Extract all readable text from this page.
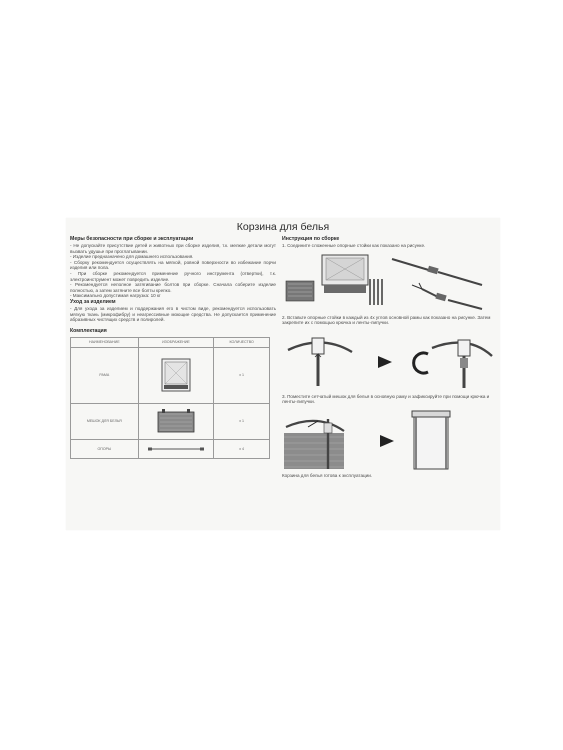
Корзина для белья
Меры безопасности при сборке и эксплуатации

- Не допускайте присутствие детей и животных при сборке изделия, т.к. мелкие детали могут вызвать удушье при проглатывании.

- Изделие предназначено для домашнего использования.

- Сборку рекомендуется осуществлять на мягкой, ровной поверхности во избежание порчи изделия или пола.

- При сборке рекомендуется применение ручного инструмента (отвертки), т.к. электроинструмент может повредить изделие.

- Рекомендуется неполное затягивание болтов при сборке. Сначала соберите изделие полностью, а затем затяните все болты крепко.

- Максимально допустимая нагрузка: 10 кг

Уход за изделием

- Для ухода за изделием и поддержания его в чистом виде, рекомендуется использовать мягкую ткань (микрофибру) и неагрессивные моющие средства. Не допускается применение абразивных чистящих средств и полиролей.

Комплектация
НАИМЕНОВАНИЕ	ИЗОБРАЖЕНИЕ	КОЛИЧЕСТВО
РАМА		х 1
МЕШОК ДЛЯ БЕЛЬЯ		х 1
ОПОРЫ		х 4
Инструкция по сборке

1. Соедините сложенные опорные стойки как показано на рисунке.

2. Вставьте опорные стойки в каждый из 4х углов основной рамы как показано на рисунке. Затем закрепите их с помощью крючка и ленты-липучки.

3. Поместите сетчатый мешок для белья в основную раму и зафиксируйте при помощи крючка и ленты-липучки.

Корзина для белья готова к эксплуатации.
